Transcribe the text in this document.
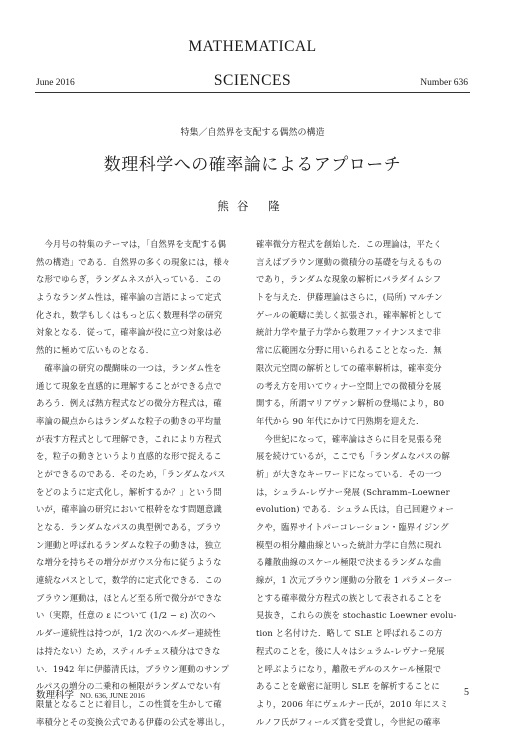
MATHEMATICAL
SCIENCES
June 2016	Number 636
特集／自然界を支配する偶然の構造
数理科学への確率論によるアプローチ
熊谷 隆
　今月号の特集のテーマは，「自然界を支配する偶
然の構造」である．自然界の多くの現象には，様々
な形でゆらぎ，ランダムネスが入っている．この
ようなランダム性は，確率論の言語によって定式
化され，数学もしくはもっと広く数理科学の研究
対象となる．従って，確率論が役に立つ対象は必
然的に極めて広いものとなる．
　確率論の研究の醍醐味の一つは，ランダム性を
通じて現象を直感的に理解することができる点で
あろう．例えば熱方程式などの微分方程式は，確
率論の観点からはランダムな粒子の動きの平均量
が表す方程式として理解でき，これにより方程式
を，粒子の動きというより直感的な形で捉えるこ
とができるのである．そのため，「ランダムなパス
をどのように定式化し，解析するか？」という問
いが，確率論の研究において根幹をなす問題意識
となる．ランダムなパスの典型例である，ブラウ
ン運動と呼ばれるランダムな粒子の動きは，独立
な増分を持ちその増分がガウス分布に従うような
連続なパスとして，数学的に定式化できる．この
ブラウン運動は，ほとんど至る所で微分ができな
い（実際，任意の ε について (1/2 − ε) 次のヘ
ルダー連続性は持つが，1/2 次のヘルダー連続性
は持たない）ため，スティルチェス積分はできな
い．1942 年に伊藤清氏は，ブラウン運動のサンプ
ルパスの増分の二乗和の極限がランダムでない有
限量となることに着目し，この性質を生かして確
率積分とその変換公式である伊藤の公式を導出し，
確率微分方程式を創始した．この理論は，平たく
言えばブラウン運動の微積分の基礎を与えるもの
であり，ランダムな現象の解析にパラダイムシフ
トを与えた．伊藤理論はさらに，(局所) マルチン
ゲールの範疇に美しく拡張され，確率解析として
統計力学や量子力学から数理ファイナンスまで非
常に広範囲な分野に用いられることとなった．無
限次元空間の解析としての確率解析は，確率変分
の考え方を用いてウィナー空間上での微積分を展
開する，所謂マリアヴァン解析の登場により，80
年代から 90 年代にかけて円熟期を迎えた．
　今世紀になって，確率論はさらに目を見張る発
展を続けているが，ここでも「ランダムなパスの解
析」が大きなキーワードになっている．その一つ
は，シュラム-レヴナー発展 (Schramm–Loewner
evolution) である．シュラム氏は，自己回避ウォー
クや，臨界サイトパーコレーション・臨界イジング
模型の相分離曲線といった統計力学に自然に現れ
る離散曲線のスケール極限で決まるランダムな曲
線が，1 次元ブラウン運動の分散を 1 パラメーター
とする確率微分方程式の族として表されることを
見抜き，これらの族を stochastic Loewner evolu-
tion と名付けた．略して SLE と呼ばれるこの方
程式のことを，後に人々はシュラム-レヴナー発展
と呼ぶようになり，離散モデルのスケール極限で
あることを厳密に証明し SLE を解析することに
より，2006 年にヴェルナー氏が，2010 年にスミ
ルノフ氏がフィールズ賞を受賞し，今世紀の確率
数理科学 NO. 636, JUNE 2016	5
